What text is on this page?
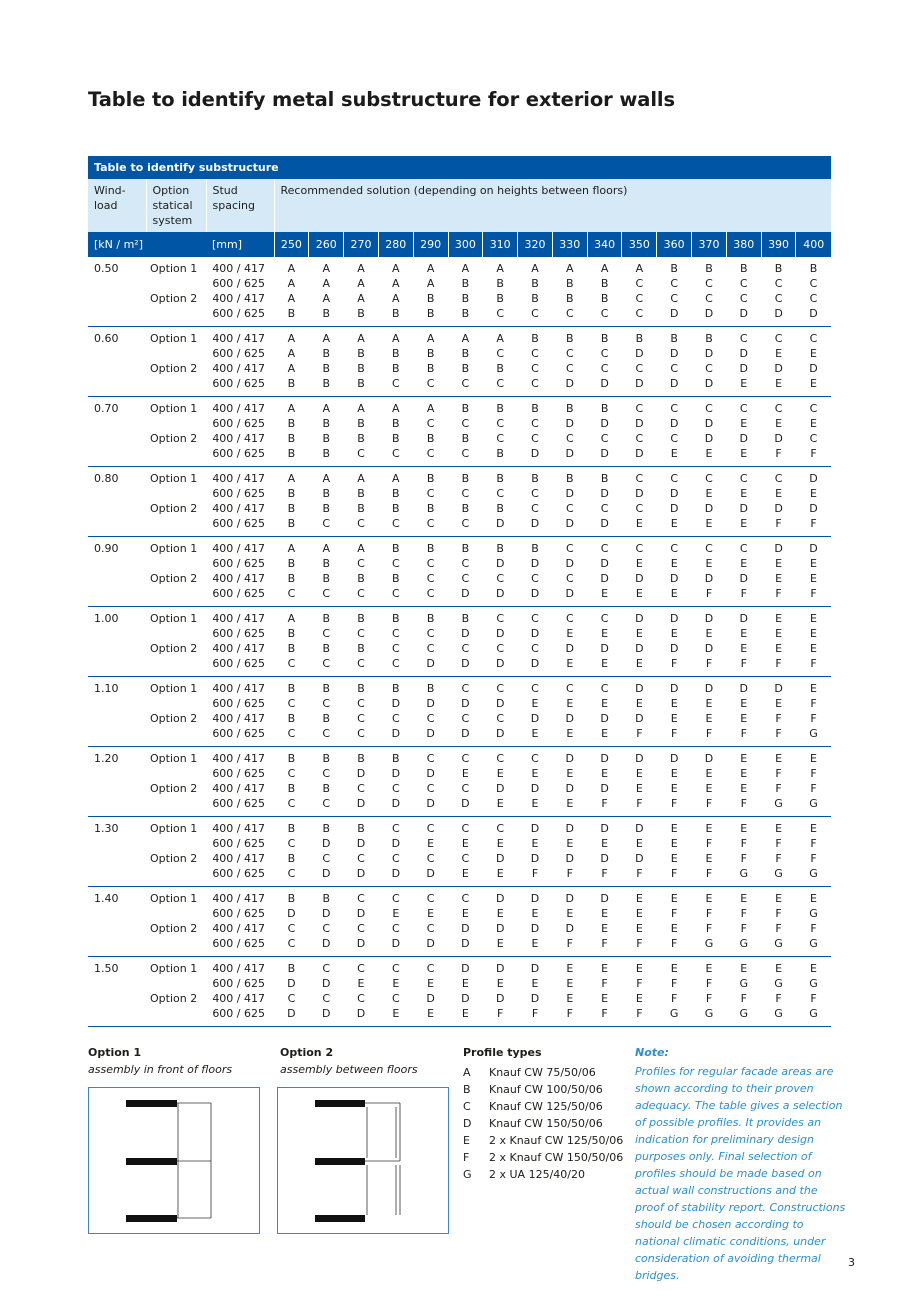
Table to identify metal substructure for exterior walls
Table to identify substructure																		
Wind-load	Option statical system	Stud spacing	Recommended solution (depending on heights between floors)															
[kN / m²]		[mm]	250	260	270	280	290	300	310	320	330	340	350	360	370	380	390	400
0.50	Option 1	400 / 417	A	A	A	A	A	A	A	A	A	A	A	B	B	B	B	B
		600 / 625	A	A	A	A	A	B	B	B	B	B	C	C	C	C	C	C
	Option 2	400 / 417	A	A	A	A	B	B	B	B	B	B	C	C	C	C	C	C
		600 / 625	B	B	B	B	B	B	C	C	C	C	C	D	D	D	D	D
0.60	Option 1	400 / 417	A	A	A	A	A	A	A	B	B	B	B	B	B	C	C	C
		600 / 625	A	B	B	B	B	B	C	C	C	C	D	D	D	D	E	E
	Option 2	400 / 417	A	B	B	B	B	B	B	C	C	C	C	C	C	D	D	D
		600 / 625	B	B	B	C	C	C	C	C	D	D	D	D	D	E	E	E
0.70	Option 1	400 / 417	A	A	A	A	A	B	B	B	B	B	C	C	C	C	C	C
		600 / 625	B	B	B	B	C	C	C	C	D	D	D	D	D	E	E	E
	Option 2	400 / 417	B	B	B	B	B	B	C	C	C	C	C	C	D	D	D	C
		600 / 625	B	B	C	C	C	C	B	D	D	D	D	E	E	E	F	F
0.80	Option 1	400 / 417	A	A	A	A	B	B	B	B	B	B	C	C	C	C	C	D
		600 / 625	B	B	B	B	C	C	C	C	D	D	D	D	E	E	E	E
	Option 2	400 / 417	B	B	B	B	B	B	B	C	C	C	C	D	D	D	D	D
		600 / 625	B	C	C	C	C	C	D	D	D	D	E	E	E	E	F	F
0.90	Option 1	400 / 417	A	A	A	B	B	B	B	B	C	C	C	C	C	C	D	D
		600 / 625	B	B	C	C	C	C	D	D	D	D	E	E	E	E	E	E
	Option 2	400 / 417	B	B	B	B	C	C	C	C	C	D	D	D	D	D	E	E
		600 / 625	C	C	C	C	C	D	D	D	D	E	E	E	F	F	F	F
1.00	Option 1	400 / 417	A	B	B	B	B	B	C	C	C	C	D	D	D	D	E	E
		600 / 625	B	C	C	C	C	D	D	D	E	E	E	E	E	E	E	E
	Option 2	400 / 417	B	B	B	C	C	C	C	C	D	D	D	D	D	E	E	E
		600 / 625	C	C	C	C	D	D	D	D	E	E	E	F	F	F	F	F
1.10	Option 1	400 / 417	B	B	B	B	B	C	C	C	C	C	D	D	D	D	D	E
		600 / 625	C	C	C	D	D	D	D	E	E	E	E	E	E	E	E	F
	Option 2	400 / 417	B	B	C	C	C	C	C	D	D	D	D	E	E	E	F	F
		600 / 625	C	C	C	D	D	D	D	E	E	E	F	F	F	F	F	G
1.20	Option 1	400 / 417	B	B	B	B	C	C	C	C	D	D	D	D	D	E	E	E
		600 / 625	C	C	D	D	D	E	E	E	E	E	E	E	E	E	F	F
	Option 2	400 / 417	B	B	C	C	C	C	D	D	D	D	E	E	E	E	F	F
		600 / 625	C	C	D	D	D	D	E	E	E	F	F	F	F	F	G	G
1.30	Option 1	400 / 417	B	B	B	C	C	C	C	D	D	D	D	E	E	E	E	E
		600 / 625	C	D	D	D	E	E	E	E	E	E	E	E	F	F	F	F
	Option 2	400 / 417	B	C	C	C	C	C	D	D	D	D	D	E	E	F	F	F
		600 / 625	C	D	D	D	D	E	E	F	F	F	F	F	F	G	G	G
1.40	Option 1	400 / 417	B	B	C	C	C	C	D	D	D	D	E	E	E	E	E	E
		600 / 625	D	D	D	E	E	E	E	E	E	E	E	F	F	F	F	G
	Option 2	400 / 417	C	C	C	C	C	D	D	D	D	E	E	E	F	F	F	F
		600 / 625	C	D	D	D	D	D	E	E	F	F	F	F	G	G	G	G
1.50	Option 1	400 / 417	B	C	C	C	C	D	D	D	E	E	E	E	E	E	E	E
		600 / 625	D	D	E	E	E	E	E	E	E	F	F	F	F	G	G	G
	Option 2	400 / 417	C	C	C	C	D	D	D	D	E	E	E	F	F	F	F	F
		600 / 625	D	D	D	E	E	E	F	F	F	F	F	G	G	G	G	G
Option 1
assembly in front of floors
Option 2
assembly between floors
Profile types
A	Knauf CW 75/50/06
B	Knauf CW 100/50/06
C	Knauf CW 125/50/06
D	Knauf CW 150/50/06
E	2 x Knauf CW 125/50/06
F	2 x Knauf CW 150/50/06
G	2 x UA 125/40/20
Note:
Profiles for regular facade areas are shown according to their proven adequacy. The table gives a selection of possible profiles. It provides an indication for preliminary design purposes only. Final selection of profiles should be made based on actual wall constructions and the proof of stability report. Constructions should be chosen according to national climatic conditions, under consideration of avoiding thermal bridges.
3
